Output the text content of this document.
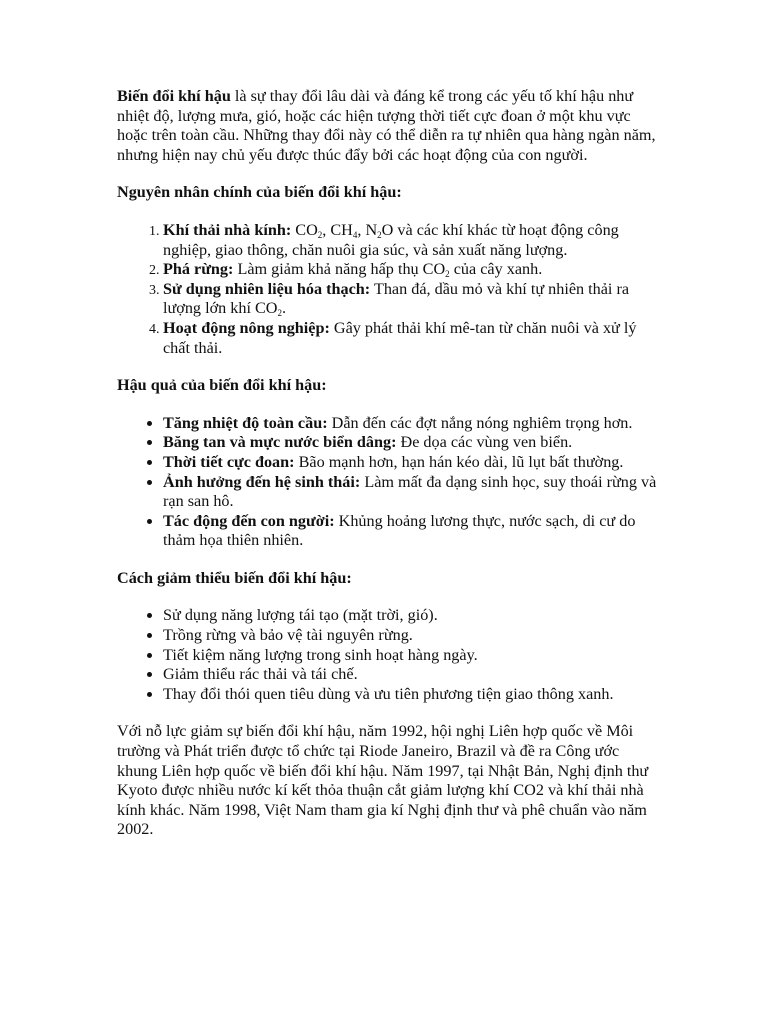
Biến đổi khí hậu là sự thay đổi lâu dài và đáng kể trong các yếu tố khí hậu như nhiệt độ, lượng mưa, gió, hoặc các hiện tượng thời tiết cực đoan ở một khu vực hoặc trên toàn cầu. Những thay đổi này có thể diễn ra tự nhiên qua hàng ngàn năm, nhưng hiện nay chủ yếu được thúc đẩy bởi các hoạt động của con người.

Nguyên nhân chính của biến đổi khí hậu:

1. Khí thải nhà kính: $CO_2$, $CH_4$, $N_2O$ và các khí khác từ hoạt động công nghiệp, giao thông, chăn nuôi gia súc, và sản xuất năng lượng.
2. Phá rừng: Làm giảm khả năng hấp thụ $CO_2$ của cây xanh.
3. Sử dụng nhiên liệu hóa thạch: Than đá, dầu mỏ và khí tự nhiên thải ra lượng lớn khí $CO_2$.
4. Hoạt động nông nghiệp: Gây phát thải khí mê-tan từ chăn nuôi và xử lý chất thải.

Hậu quả của biến đổi khí hậu:

• Tăng nhiệt độ toàn cầu: Dẫn đến các đợt nắng nóng nghiêm trọng hơn.
• Băng tan và mực nước biển dâng: Đe dọa các vùng ven biển.
• Thời tiết cực đoan: Bão mạnh hơn, hạn hán kéo dài, lũ lụt bất thường.
• Ảnh hưởng đến hệ sinh thái: Làm mất đa dạng sinh học, suy thoái rừng và rạn san hô.
• Tác động đến con người: Khủng hoảng lương thực, nước sạch, di cư do thảm họa thiên nhiên.

Cách giảm thiểu biến đổi khí hậu:

• Sử dụng năng lượng tái tạo (mặt trời, gió).
• Trồng rừng và bảo vệ tài nguyên rừng.
• Tiết kiệm năng lượng trong sinh hoạt hàng ngày.
• Giảm thiểu rác thải và tái chế.
• Thay đổi thói quen tiêu dùng và ưu tiên phương tiện giao thông xanh.

Với nỗ lực giảm sự biến đổi khí hậu, năm 1992, hội nghị Liên hợp quốc về Môi trường và Phát triển được tổ chức tại Riode Janeiro, Brazil và đề ra Công ước khung Liên hợp quốc về biến đổi khí hậu. Năm 1997, tại Nhật Bản, Nghị định thư Kyoto được nhiều nước kí kết thỏa thuận cắt giảm lượng khí CO2 và khí thải nhà kính khác. Năm 1998, Việt Nam tham gia kí Nghị định thư và phê chuẩn vào năm 2002.
